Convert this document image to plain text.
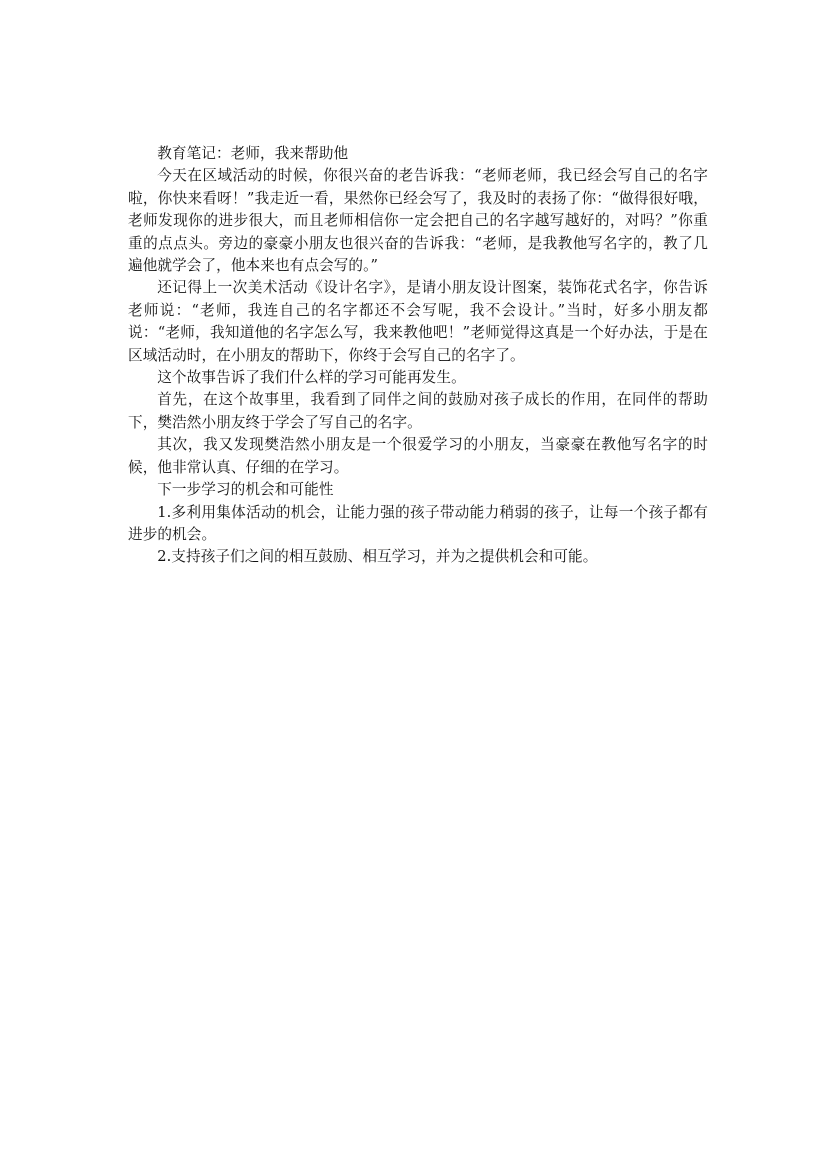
教育笔记：老师，我来帮助他

今天在区域活动的时候，你很兴奋的老告诉我：“老师老师，我已经会写自己的名字啦，你快来看呀！”我走近一看，果然你已经会写了，我及时的表扬了你：“做得很好哦，老师发现你的进步很大，而且老师相信你一定会把自己的名字越写越好的，对吗？”你重重的点点头。旁边的豪豪小朋友也很兴奋的告诉我：“老师，是我教他写名字的，教了几遍他就学会了，他本来也有点会写的。”

还记得上一次美术活动《设计名字》，是请小朋友设计图案，装饰花式名字，你告诉老师说：“老师，我连自己的名字都还不会写呢，我不会设计。”当时，好多小朋友都说：“老师，我知道他的名字怎么写，我来教他吧！”老师觉得这真是一个好办法，于是在区域活动时，在小朋友的帮助下，你终于会写自己的名字了。

这个故事告诉了我们什么样的学习可能再发生。

首先，在这个故事里，我看到了同伴之间的鼓励对孩子成长的作用，在同伴的帮助下，樊浩然小朋友终于学会了写自己的名字。

其次，我又发现樊浩然小朋友是一个很爱学习的小朋友，当豪豪在教他写名字的时候，他非常认真、仔细的在学习。

下一步学习的机会和可能性

1.多利用集体活动的机会，让能力强的孩子带动能力稍弱的孩子，让每一个孩子都有进步的机会。

2.支持孩子们之间的相互鼓励、相互学习，并为之提供机会和可能。
